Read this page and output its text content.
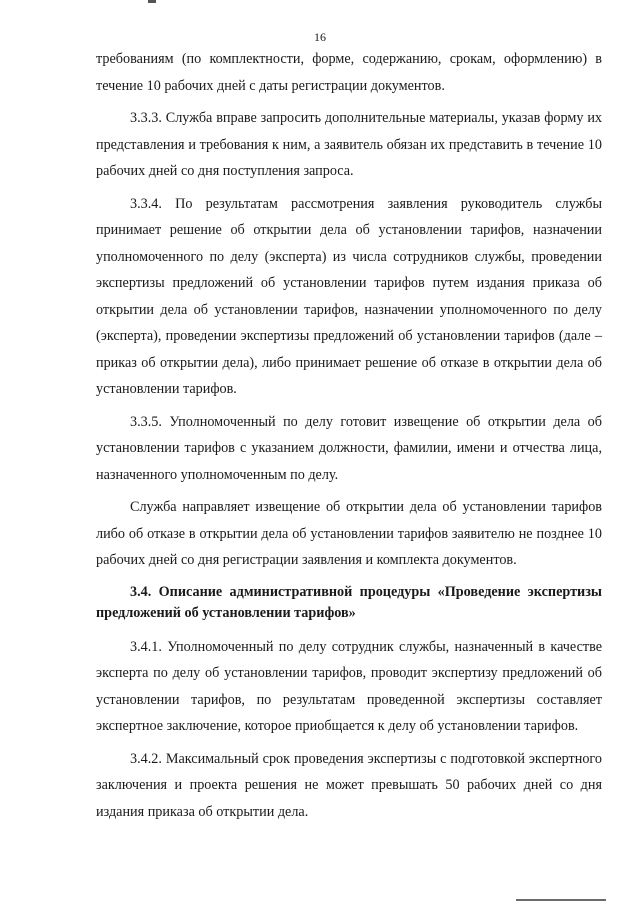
16

требованиям (по комплектности, форме, содержанию, срокам, оформлению) в течение 10 рабочих дней с даты регистрации документов.

3.3.3. Служба вправе запросить дополнительные материалы, указав форму их представления и требования к ним, а заявитель обязан их представить в течение 10 рабочих дней со дня поступления запроса.

3.3.4. По результатам рассмотрения заявления руководитель службы принимает решение об открытии дела об установлении тарифов, назначении уполномоченного по делу (эксперта) из числа сотрудников службы, проведении экспертизы предложений об установлении тарифов путем издания приказа об открытии дела об установлении тарифов, назначении уполномоченного по делу (эксперта), проведении экспертизы предложений об установлении тарифов (дале – приказ об открытии дела), либо принимает решение об отказе в открытии дела об установлении тарифов.

3.3.5. Уполномоченный по делу готовит извещение об открытии дела об установлении тарифов с указанием должности, фамилии, имени и отчества лица, назначенного уполномоченным по делу.

Служба направляет извещение об открытии дела об установлении тарифов либо об отказе в открытии дела об установлении тарифов заявителю не позднее 10 рабочих дней со дня регистрации заявления и комплекта документов.

3.4. Описание административной процедуры «Проведение экспертизы предложений об установлении тарифов»

3.4.1. Уполномоченный по делу сотрудник службы, назначенный в качестве эксперта по делу об установлении тарифов, проводит экспертизу предложений об установлении тарифов, по результатам проведенной экспертизы составляет экспертное заключение, которое приобщается к делу об установлении тарифов.

3.4.2. Максимальный срок проведения экспертизы с подготовкой экспертного заключения и проекта решения не может превышать 50 рабочих дней со дня издания приказа об открытии дела.
